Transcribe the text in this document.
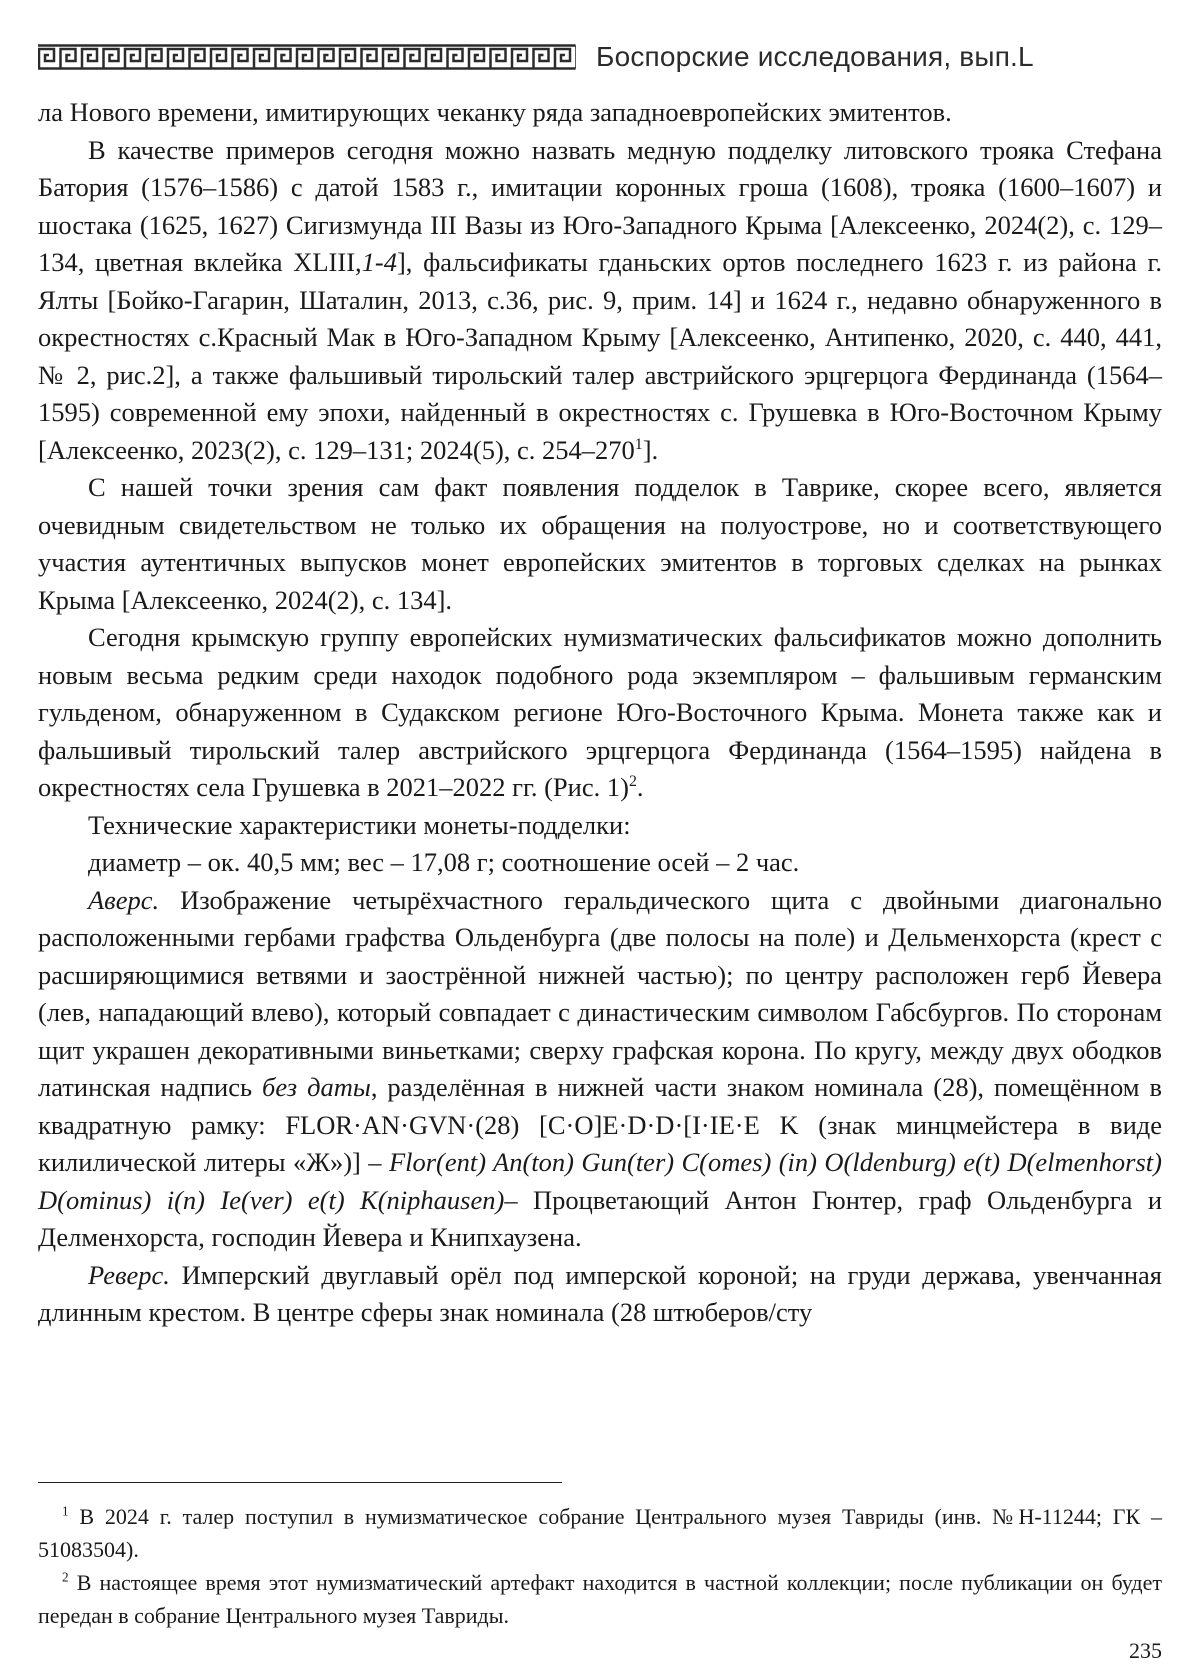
Боспорские исследования, вып.L

ла Нового времени, имитирующих чеканку ряда западноевропейских эмитентов.

В качестве примеров сегодня можно назвать медную подделку литовского трояка Стефана Батория (1576–1586) с датой 1583 г., имитации коронных гроша (1608), трояка (1600–1607) и шостака (1625, 1627) Сигизмунда III Вазы из Юго-Западного Крыма [Алексеенко, 2024(2), с. 129–134, цветная вклейка XLIII,1-4], фальсификаты гданьских ортов последнего 1623 г. из района г. Ялты [Бойко-Гагарин, Шаталин, 2013, с.36, рис. 9, прим. 14] и 1624 г., недавно обнаруженного в окрестностях с.Красный Мак в Юго-Западном Крыму [Алексеенко, Антипенко, 2020, с. 440, 441, № 2, рис.2], а также фальшивый тирольский талер австрийского эрцгерцога Фердинанда (1564–1595) современной ему эпохи, найденный в окрестностях с. Грушевка в Юго-Восточном Крыму [Алексеенко, 2023(2), с. 129–131; 2024(5), с. $254-270^1$].

С нашей точки зрения сам факт появления подделок в Таврике, скорее всего, является очевидным свидетельством не только их обращения на полуострове, но и соответствующего участия аутентичных выпусков монет европейских эмитентов в торговых сделках на рынках Крыма [Алексеенко, 2024(2), с. 134].

Сегодня крымскую группу европейских нумизматических фальсификатов можно дополнить новым весьма редким среди находок подобного рода экземпляром – фальшивым германским гульденом, обнаруженном в Судакском регионе Юго-Восточного Крыма. Монета также как и фальшивый тирольский талер австрийского эрцгерцога Фердинанда (1564–1595) найдена в окрестностях села Грушевка в 2021–2022 гг. (Рис. 1)$^2$.

Технические характеристики монеты-подделки:

диаметр – ок. 40,5 мм; вес – 17,08 г; соотношение осей – 2 час.

Аверс. Изображение четырёхчастного геральдического щита с двойными диагонально расположенными гербами графства Ольденбурга (две полосы на поле) и Дельменхорста (крест с расширяющимися ветвями и заострённой нижней частью); по центру расположен герб Йевера (лев, нападающий влево), который совпадает с династическим символом Габсбургов. По сторонам щит украшен декоративными виньетками; сверху графская корона. По кругу, между двух ободков латинская надпись без даты, разделённая в нижней части знаком номинала (28), помещённом в квадратную рамку: FLOR·AN·GVN·(28) [C·O]E·D·D·[I·IE·E K (знак минцмейстера в виде килилической литеры «Ж»)] – Flor(ent) An(ton) Gun(ter) C(omes) (in) O(ldenburg) e(t) D(elmenhorst) D(ominus) i(n) Ie(ver) e(t) K(niphausen)– Процветающий Антон Гюнтер, граф Ольденбурга и Делменхорста, господин Йевера и Книпхаузена.

Реверс. Имперский двуглавый орёл под имперской короной; на груди держава, увенчанная длинным крестом. В центре сферы знак номинала (28 штюберов/сту

$^1$ В 2024 г. талер поступил в нумизматическое собрание Центрального музея Тавриды (инв. №Н-11244; ГК – 51083504).

$^2$ В настоящее время этот нумизматический артефакт находится в частной коллекции; после публикации он будет передан в собрание Центрального музея Тавриды.

235
